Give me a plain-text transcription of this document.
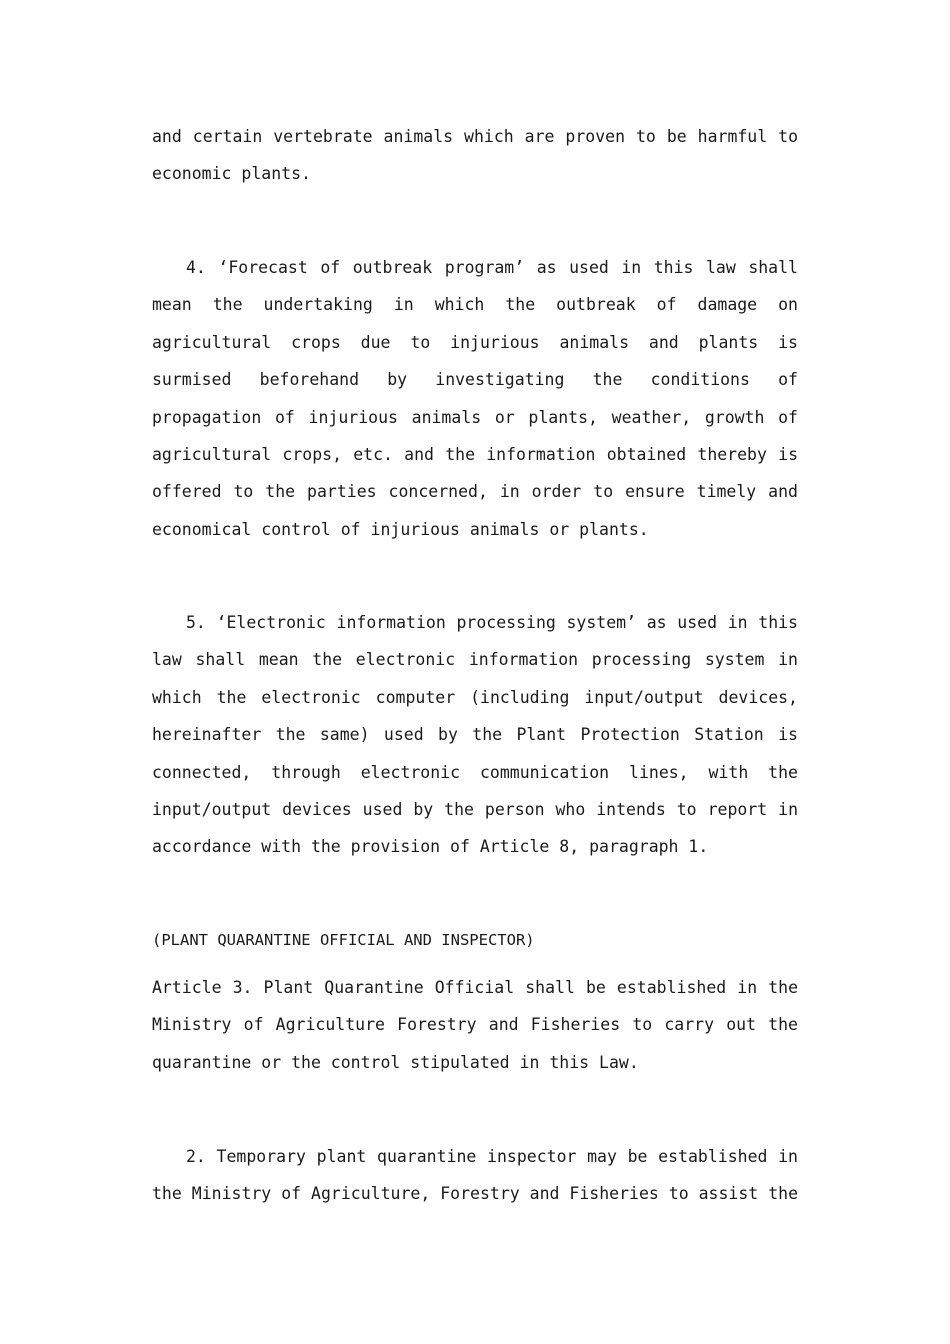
and certain vertebrate animals which are proven to be harmful to economic plants.
4. ‘Forecast of outbreak program’ as used in this law shall mean the undertaking in which the outbreak of damage on agricultural crops due to injurious animals and plants is surmised beforehand by investigating the conditions of propagation of injurious animals or plants, weather, growth of agricultural crops, etc. and the information obtained thereby is offered to the parties concerned, in order to ensure timely and economical control of injurious animals or plants.
5. ‘Electronic information processing system’ as used in this law shall mean the electronic information processing system in which the electronic computer (including input/output devices, hereinafter the same) used by the Plant Protection Station is connected, through electronic communication lines, with the input/output devices used by the person who intends to report in accordance with the provision of Article 8, paragraph 1.
(PLANT QUARANTINE OFFICIAL AND INSPECTOR)
Article 3. Plant Quarantine Official shall be established in the Ministry of Agriculture Forestry and Fisheries to carry out the quarantine or the control stipulated in this Law.
2. Temporary plant quarantine inspector may be established in the Ministry of Agriculture, Forestry and Fisheries to assist the
